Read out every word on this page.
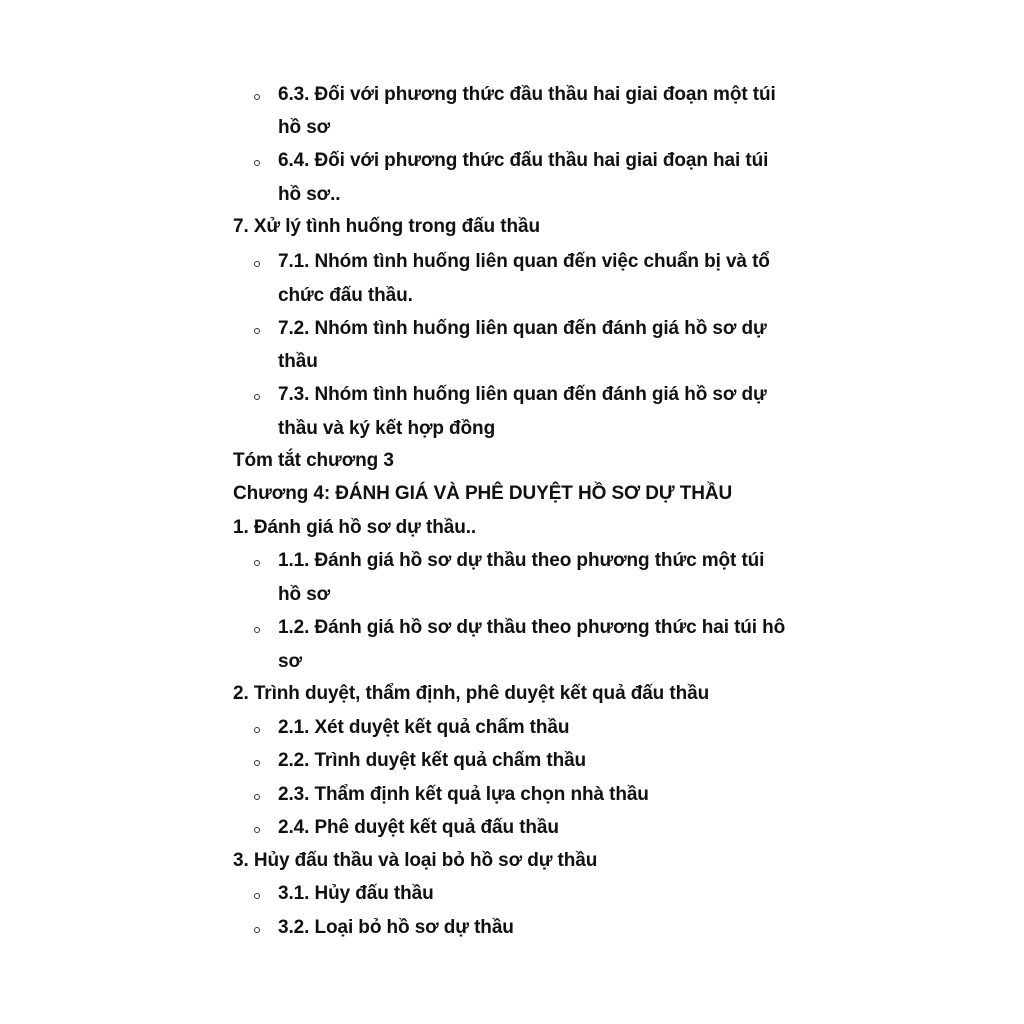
6.3. Đối với phương thức đầu thầu hai giai đoạn một túi
hồ sơ
6.4. Đối với phương thức đấu thầu hai giai đoạn hai túi
hồ sơ..
7. Xử lý tình huống trong đấu thầu
7.1. Nhóm tình huống liên quan đến việc chuẩn bị và tổ
chức đấu thầu.
7.2. Nhóm tình huống liên quan đến đánh giá hồ sơ dự
thầu
7.3. Nhóm tình huống liên quan đến đánh giá hồ sơ dự
thầu và ký kết hợp đồng
Tóm tắt chương 3
Chương 4: ĐÁNH GIÁ VÀ PHÊ DUYỆT HỒ SƠ DỰ THẦU
1. Đánh giá hồ sơ dự thầu..
1.1. Đánh giá hồ sơ dự thầu theo phương thức một túi
hồ sơ
1.2. Đánh giá hồ sơ dự thầu theo phương thức hai túi hô
sơ
2. Trình duyệt, thẩm định, phê duyệt kết quả đấu thầu
2.1. Xét duyệt kết quả chấm thầu
2.2. Trình duyệt kết quả chấm thầu
2.3. Thẩm định kết quả lựa chọn nhà thầu
2.4. Phê duyệt kết quả đấu thầu
3. Hủy đấu thầu và loại bỏ hồ sơ dự thầu
3.1. Hủy đấu thầu
3.2. Loại bỏ hồ sơ dự thầu
